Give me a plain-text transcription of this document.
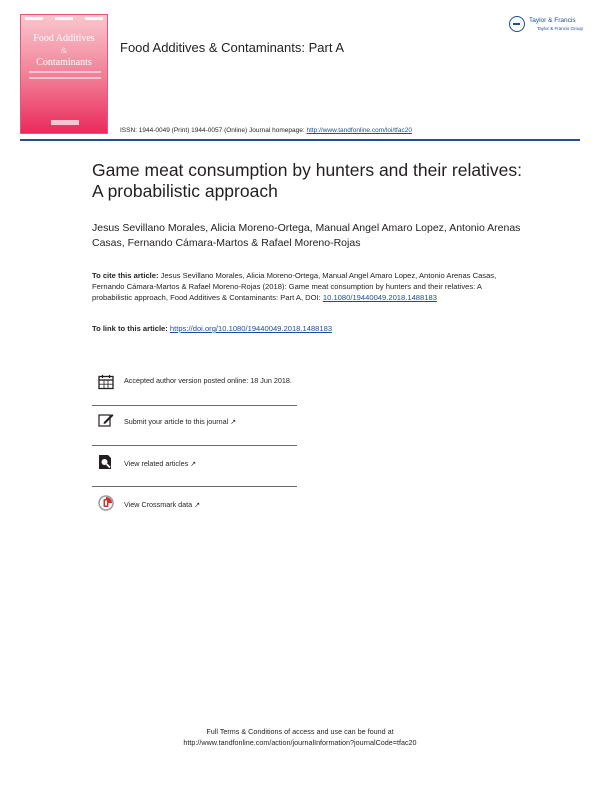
Food Additives
&
Contaminants
Food Additives & Contaminants: Part A
Taylor & Francis
Taylor & Francis Group
ISSN: 1944-0049 (Print) 1944-0057 (Online) Journal homepage: http://www.tandfonline.com/loi/tfac20
Game meat consumption by hunters and their relatives: A probabilistic approach
Jesus Sevillano Morales, Alicia Moreno-Ortega, Manual Angel Amaro Lopez, Antonio Arenas Casas, Fernando Cámara-Martos & Rafael Moreno-Rojas
To cite this article: Jesus Sevillano Morales, Alicia Moreno-Ortega, Manual Angel Amaro Lopez, Antonio Arenas Casas, Fernando Cámara-Martos & Rafael Moreno-Rojas (2018): Game meat consumption by hunters and their relatives: A probabilistic approach, Food Additives & Contaminants: Part A, DOI: 10.1080/19440049.2018.1488183
To link to this article: https://doi.org/10.1080/19440049.2018.1488183
Accepted author version posted online: 18 Jun 2018.
Submit your article to this journal ↗
View related articles ↗
View Crossmark data ↗
Full Terms & Conditions of access and use can be found at
http://www.tandfonline.com/action/journalInformation?journalCode=tfac20
